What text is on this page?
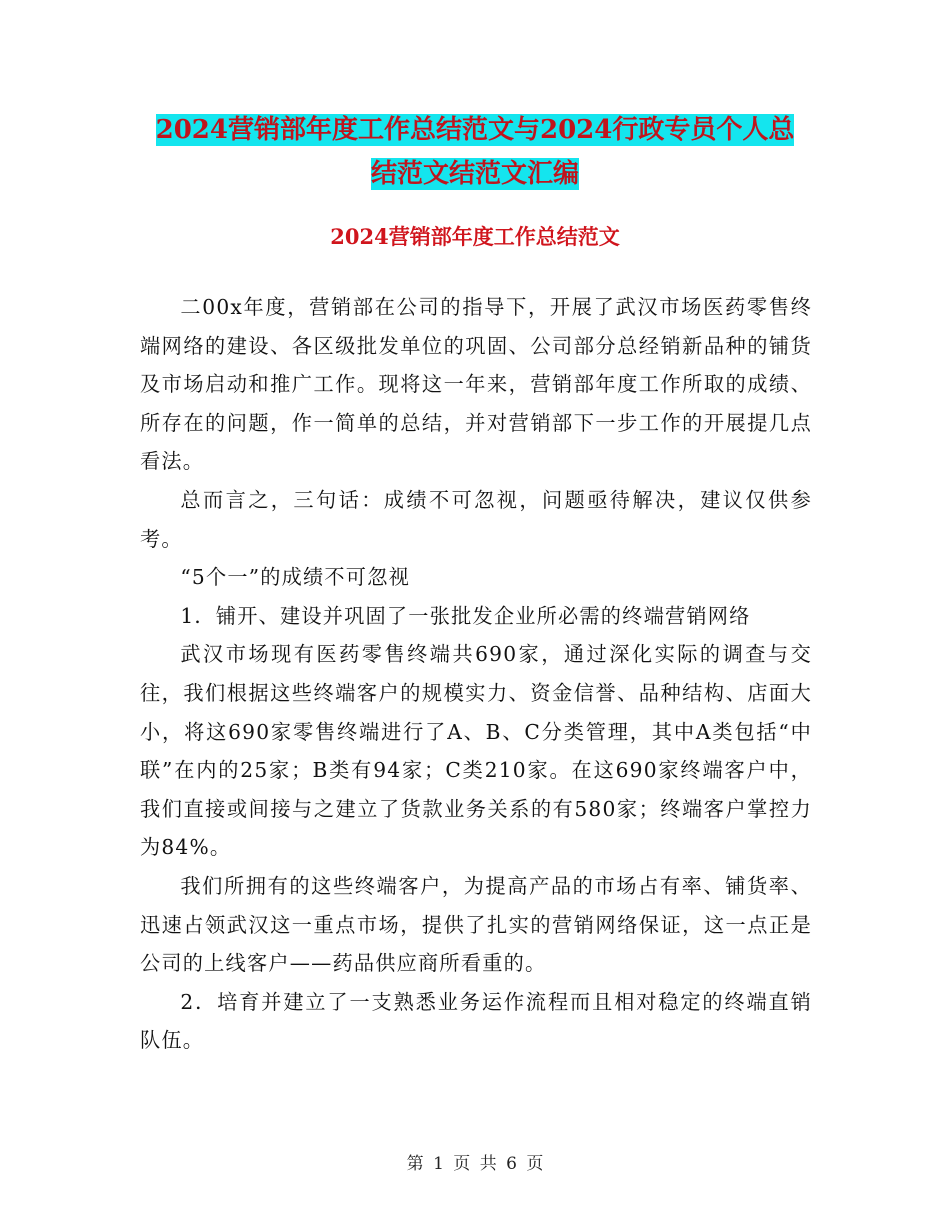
2024营销部年度工作总结范文与2024行政专员个人总
结范文结范文汇编
2024营销部年度工作总结范文

二00x年度，营销部在公司的指导下，开展了武汉市场医药零售终端网络的建设、各区级批发单位的巩固、公司部分总经销新品种的铺货及市场启动和推广工作。现将这一年来，营销部年度工作所取的成绩、所存在的问题，作一简单的总结，并对营销部下一步工作的开展提几点看法。

总而言之，三句话：成绩不可忽视，问题亟待解决，建议仅供参考。

“5个一”的成绩不可忽视

1．铺开、建设并巩固了一张批发企业所必需的终端营销网络

武汉市场现有医药零售终端共690家，通过深化实际的调查与交往，我们根据这些终端客户的规模实力、资金信誉、品种结构、店面大小，将这690家零售终端进行了A、B、C分类管理，其中A类包括“中联”在内的25家；B类有94家；C类210家。在这690家终端客户中，我们直接或间接与之建立了货款业务关系的有580家；终端客户掌控力为84%。

我们所拥有的这些终端客户，为提高产品的市场占有率、铺货率、迅速占领武汉这一重点市场，提供了扎实的营销网络保证，这一点正是公司的上线客户——药品供应商所看重的。

2．培育并建立了一支熟悉业务运作流程而且相对稳定的终端直销队伍。

第 1 页 共 6 页
